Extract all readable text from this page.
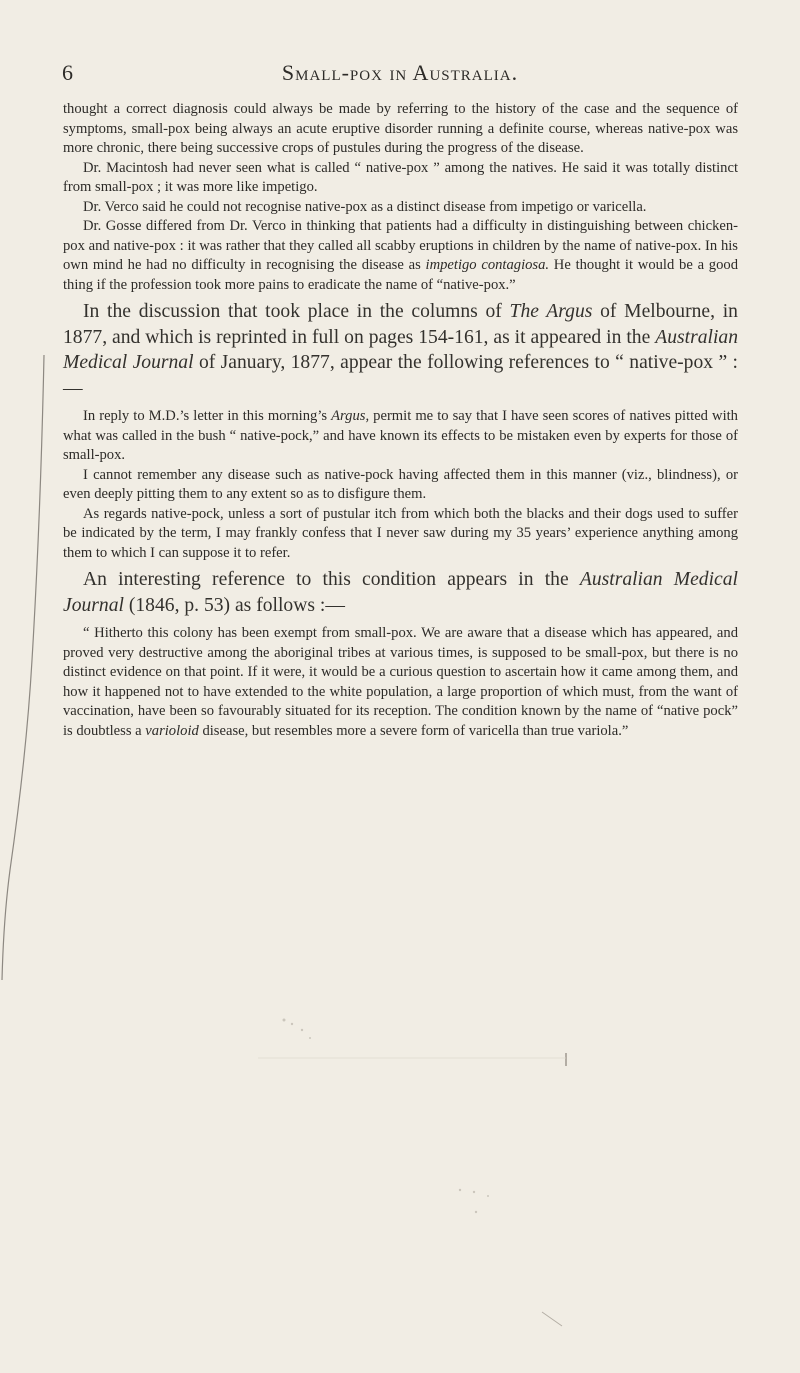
6	Small-pox in Australia.

thought a correct diagnosis could always be made by referring to the history of the case and the sequence of symptoms, small-pox being always an acute eruptive disorder running a definite course, whereas native-pox was more chronic, there being successive crops of pustules during the progress of the disease.

Dr. Macintosh had never seen what is called “ native-pox ” among the natives. He said it was totally distinct from small-pox ; it was more like impetigo.

Dr. Verco said he could not recognise native-pox as a distinct disease from impetigo or varicella.

Dr. Gosse differed from Dr. Verco in thinking that patients had a difficulty in distinguishing between chicken-pox and native-pox : it was rather that they called all scabby eruptions in children by the name of native-pox. In his own mind he had no difficulty in recognising the disease as impetigo contagiosa. He thought it would be a good thing if the profession took more pains to eradicate the name of “native-pox.”

In the discussion that took place in the columns of The Argus of Melbourne, in 1877, and which is reprinted in full on pages 154-161, as it appeared in the Australian Medical Journal of January, 1877, appear the following references to “ native-pox ” :—

In reply to M.D.’s letter in this morning’s Argus, permit me to say that I have seen scores of natives pitted with what was called in the bush “ native-pock,” and have known its effects to be mistaken even by experts for those of small-pox.

I cannot remember any disease such as native-pock having affected them in this manner (viz., blindness), or even deeply pitting them to any extent so as to disfigure them.

As regards native-pock, unless a sort of pustular itch from which both the blacks and their dogs used to suffer be indicated by the term, I may frankly confess that I never saw during my 35 years’ experience anything among them to which I can suppose it to refer.

An interesting reference to this condition appears in the Australian Medical Journal (1846, p. 53) as follows :—

“ Hitherto this colony has been exempt from small-pox. We are aware that a disease which has appeared, and proved very destructive among the aboriginal tribes at various times, is supposed to be small-pox, but there is no distinct evidence on that point. If it were, it would be a curious question to ascertain how it came among them, and how it happened not to have extended to the white population, a large proportion of which must, from the want of vaccination, have been so favourably situated for its reception. The condition known by the name of “native pock” is doubtless a varioloid disease, but resembles more a severe form of varicella than true variola.”
